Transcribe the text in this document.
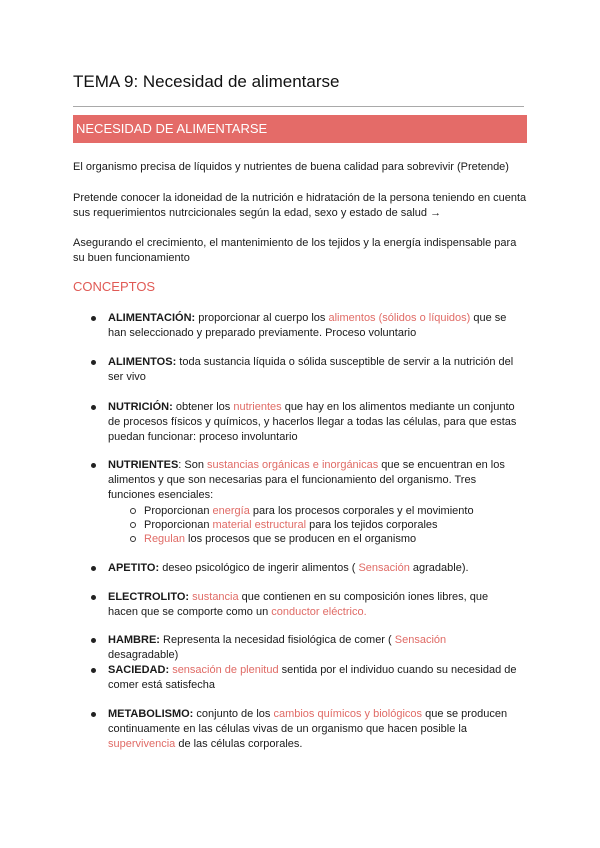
TEMA 9: Necesidad de alimentarse
NECESIDAD DE ALIMENTARSE

El organismo precisa de líquidos y nutrientes de buena calidad para sobrevivir (Pretende)

Pretende conocer la idoneidad de la nutrición e hidratación de la persona teniendo en cuenta sus requerimientos nutrcicionales según la edad, sexo y estado de salud →

Asegurando el crecimiento, el mantenimiento de los tejidos y la energía indispensable para su buen funcionamiento

CONCEPTOS
ALIMENTACIÓN: proporcionar al cuerpo los alimentos (sólidos o líquidos) que se han seleccionado y preparado previamente. Proceso voluntario
ALIMENTOS: toda sustancia líquida o sólida susceptible de servir a la nutrición del ser vivo
NUTRICIÓN: obtener los nutrientes que hay en los alimentos mediante un conjunto de procesos físicos y químicos, y hacerlos llegar a todas las células, para que estas puedan funcionar: proceso involuntario
NUTRIENTES: Son sustancias orgánicas e inorgánicas que se encuentran en los alimentos y que son necesarias para el funcionamiento del organismo. Tres funciones esenciales:
Proporcionan energía para los procesos corporales y el movimiento
Proporcionan material estructural para los tejidos corporales
Regulan los procesos que se producen en el organismo
APETITO: deseo psicológico de ingerir alimentos ( Sensación agradable).
ELECTROLITO: sustancia que contienen en su composición iones libres, que hacen que se comporte como un conductor eléctrico.
HAMBRE: Representa la necesidad fisiológica de comer ( Sensación desagradable)
SACIEDAD: sensación de plenitud sentida por el individuo cuando su necesidad de comer está satisfecha
METABOLISMO: conjunto de los cambios químicos y biológicos que se producen continuamente en las células vivas de un organismo que hacen posible la supervivencia de las células corporales.
